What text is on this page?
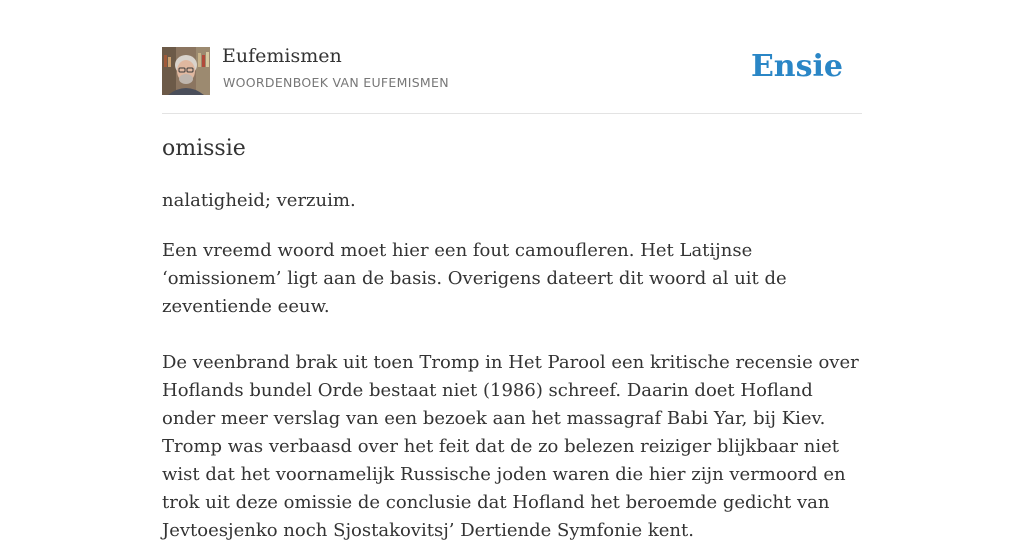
Eufemismen
WOORDENBOEK VAN EUFEMISMEN	Ensie
omissie

nalatigheid; verzuim.

Een vreemd woord moet hier een fout camoufleren. Het Latijnse ‘omissionem’ ligt aan de basis. Overigens dateert dit woord al uit de zeventiende eeuw.

De veenbrand brak uit toen Tromp in Het Parool een kritische recensie over Hoflands bundel Orde bestaat niet (1986) schreef. Daarin doet Hofland onder meer verslag van een bezoek aan het massagraf Babi Yar, bij Kiev. Tromp was verbaasd over het feit dat de zo belezen reiziger blijkbaar niet wist dat het voornamelijk Russische joden waren die hier zijn vermoord en trok uit deze omissie de conclusie dat Hofland het beroemde gedicht van Jevtoesjenko noch Sjostakovitsj’ Dertiende Symfonie kent.
